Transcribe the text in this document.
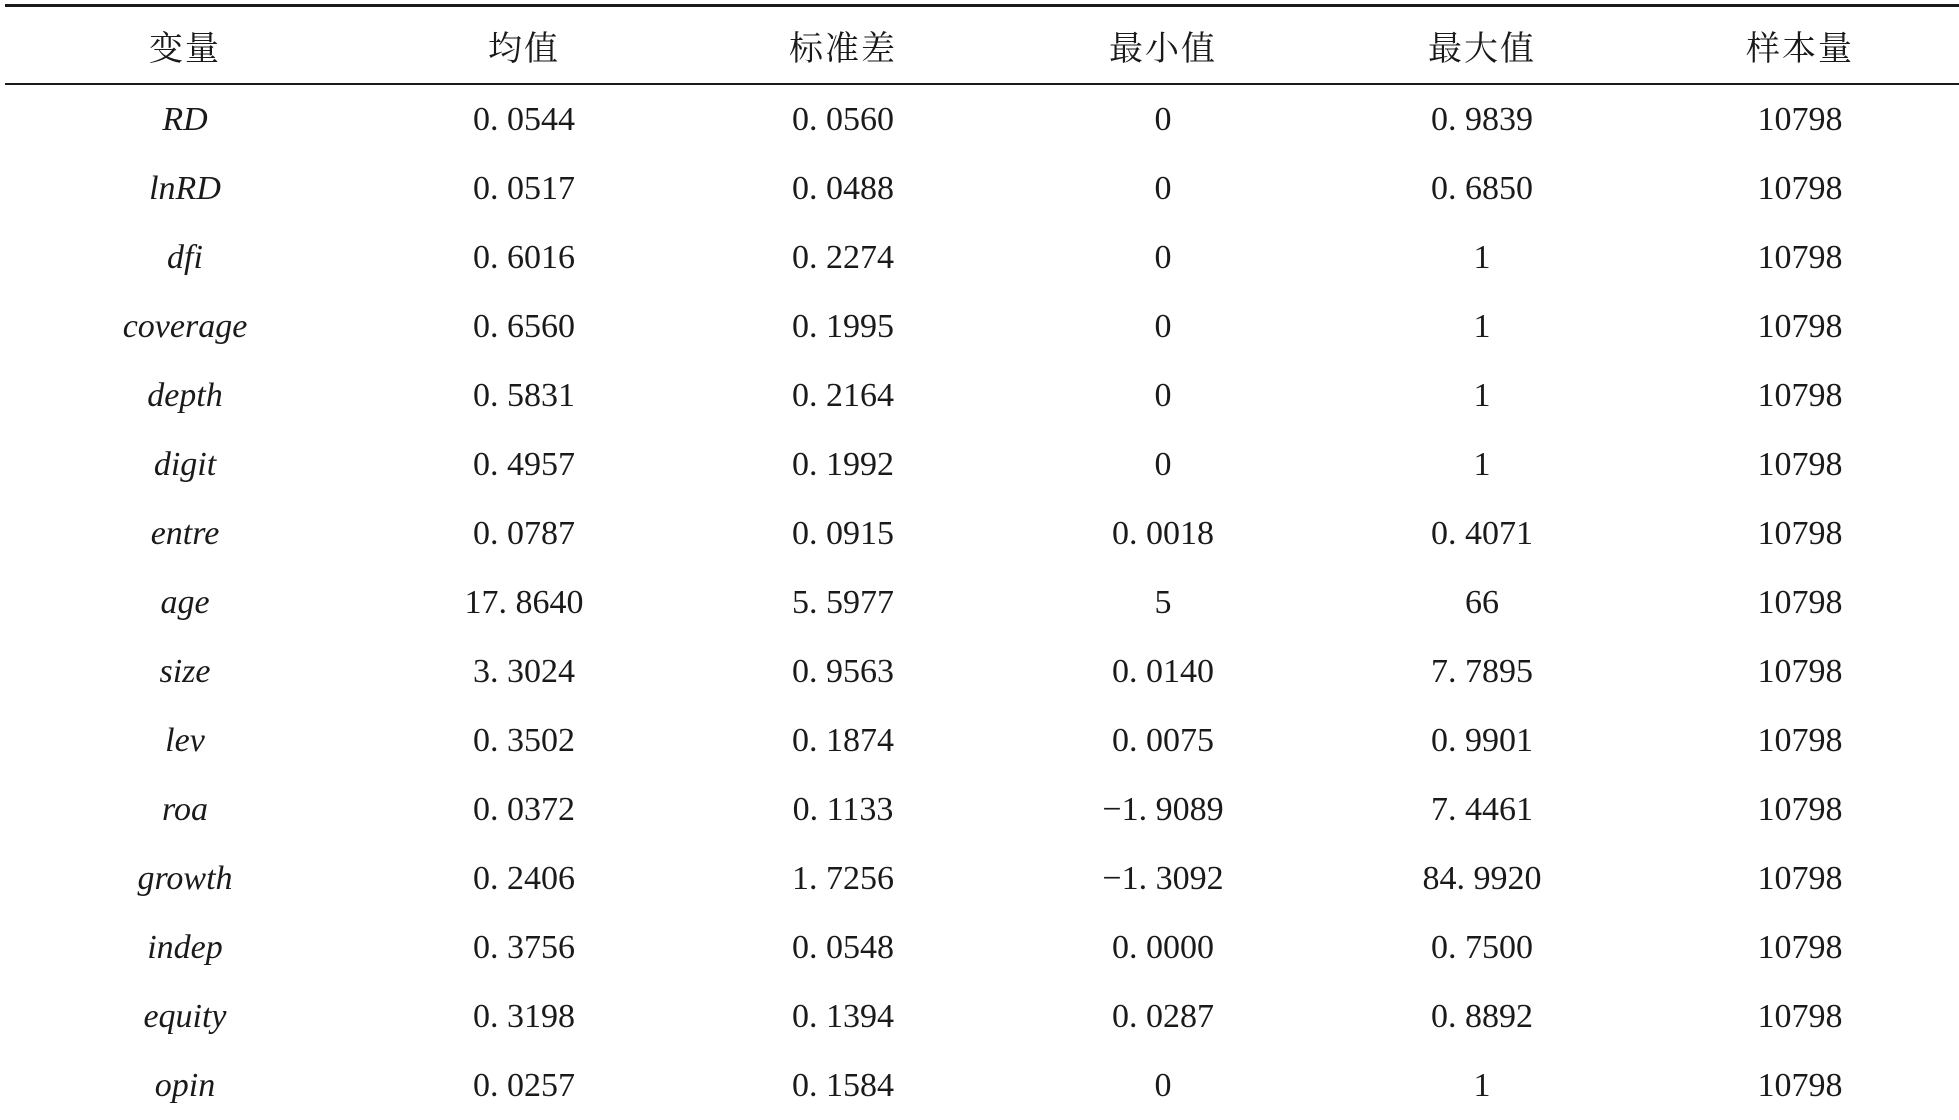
变量	均值	标准差	最小值	最大值	样本量
RD	0. 0544	0. 0560	0	0. 9839	10798
lnRD	0. 0517	0. 0488	0	0. 6850	10798
dfi	0. 6016	0. 2274	0	1	10798
coverage	0. 6560	0. 1995	0	1	10798
depth	0. 5831	0. 2164	0	1	10798
digit	0. 4957	0. 1992	0	1	10798
entre	0. 0787	0. 0915	0. 0018	0. 4071	10798
age	17. 8640	5. 5977	5	66	10798
size	3. 3024	0. 9563	0. 0140	7. 7895	10798
lev	0. 3502	0. 1874	0. 0075	0. 9901	10798
roa	0. 0372	0. 1133	−1. 9089	7. 4461	10798
growth	0. 2406	1. 7256	−1. 3092	84. 9920	10798
indep	0. 3756	0. 0548	0. 0000	0. 7500	10798
equity	0. 3198	0. 1394	0. 0287	0. 8892	10798
opin	0. 0257	0. 1584	0	1	10798
